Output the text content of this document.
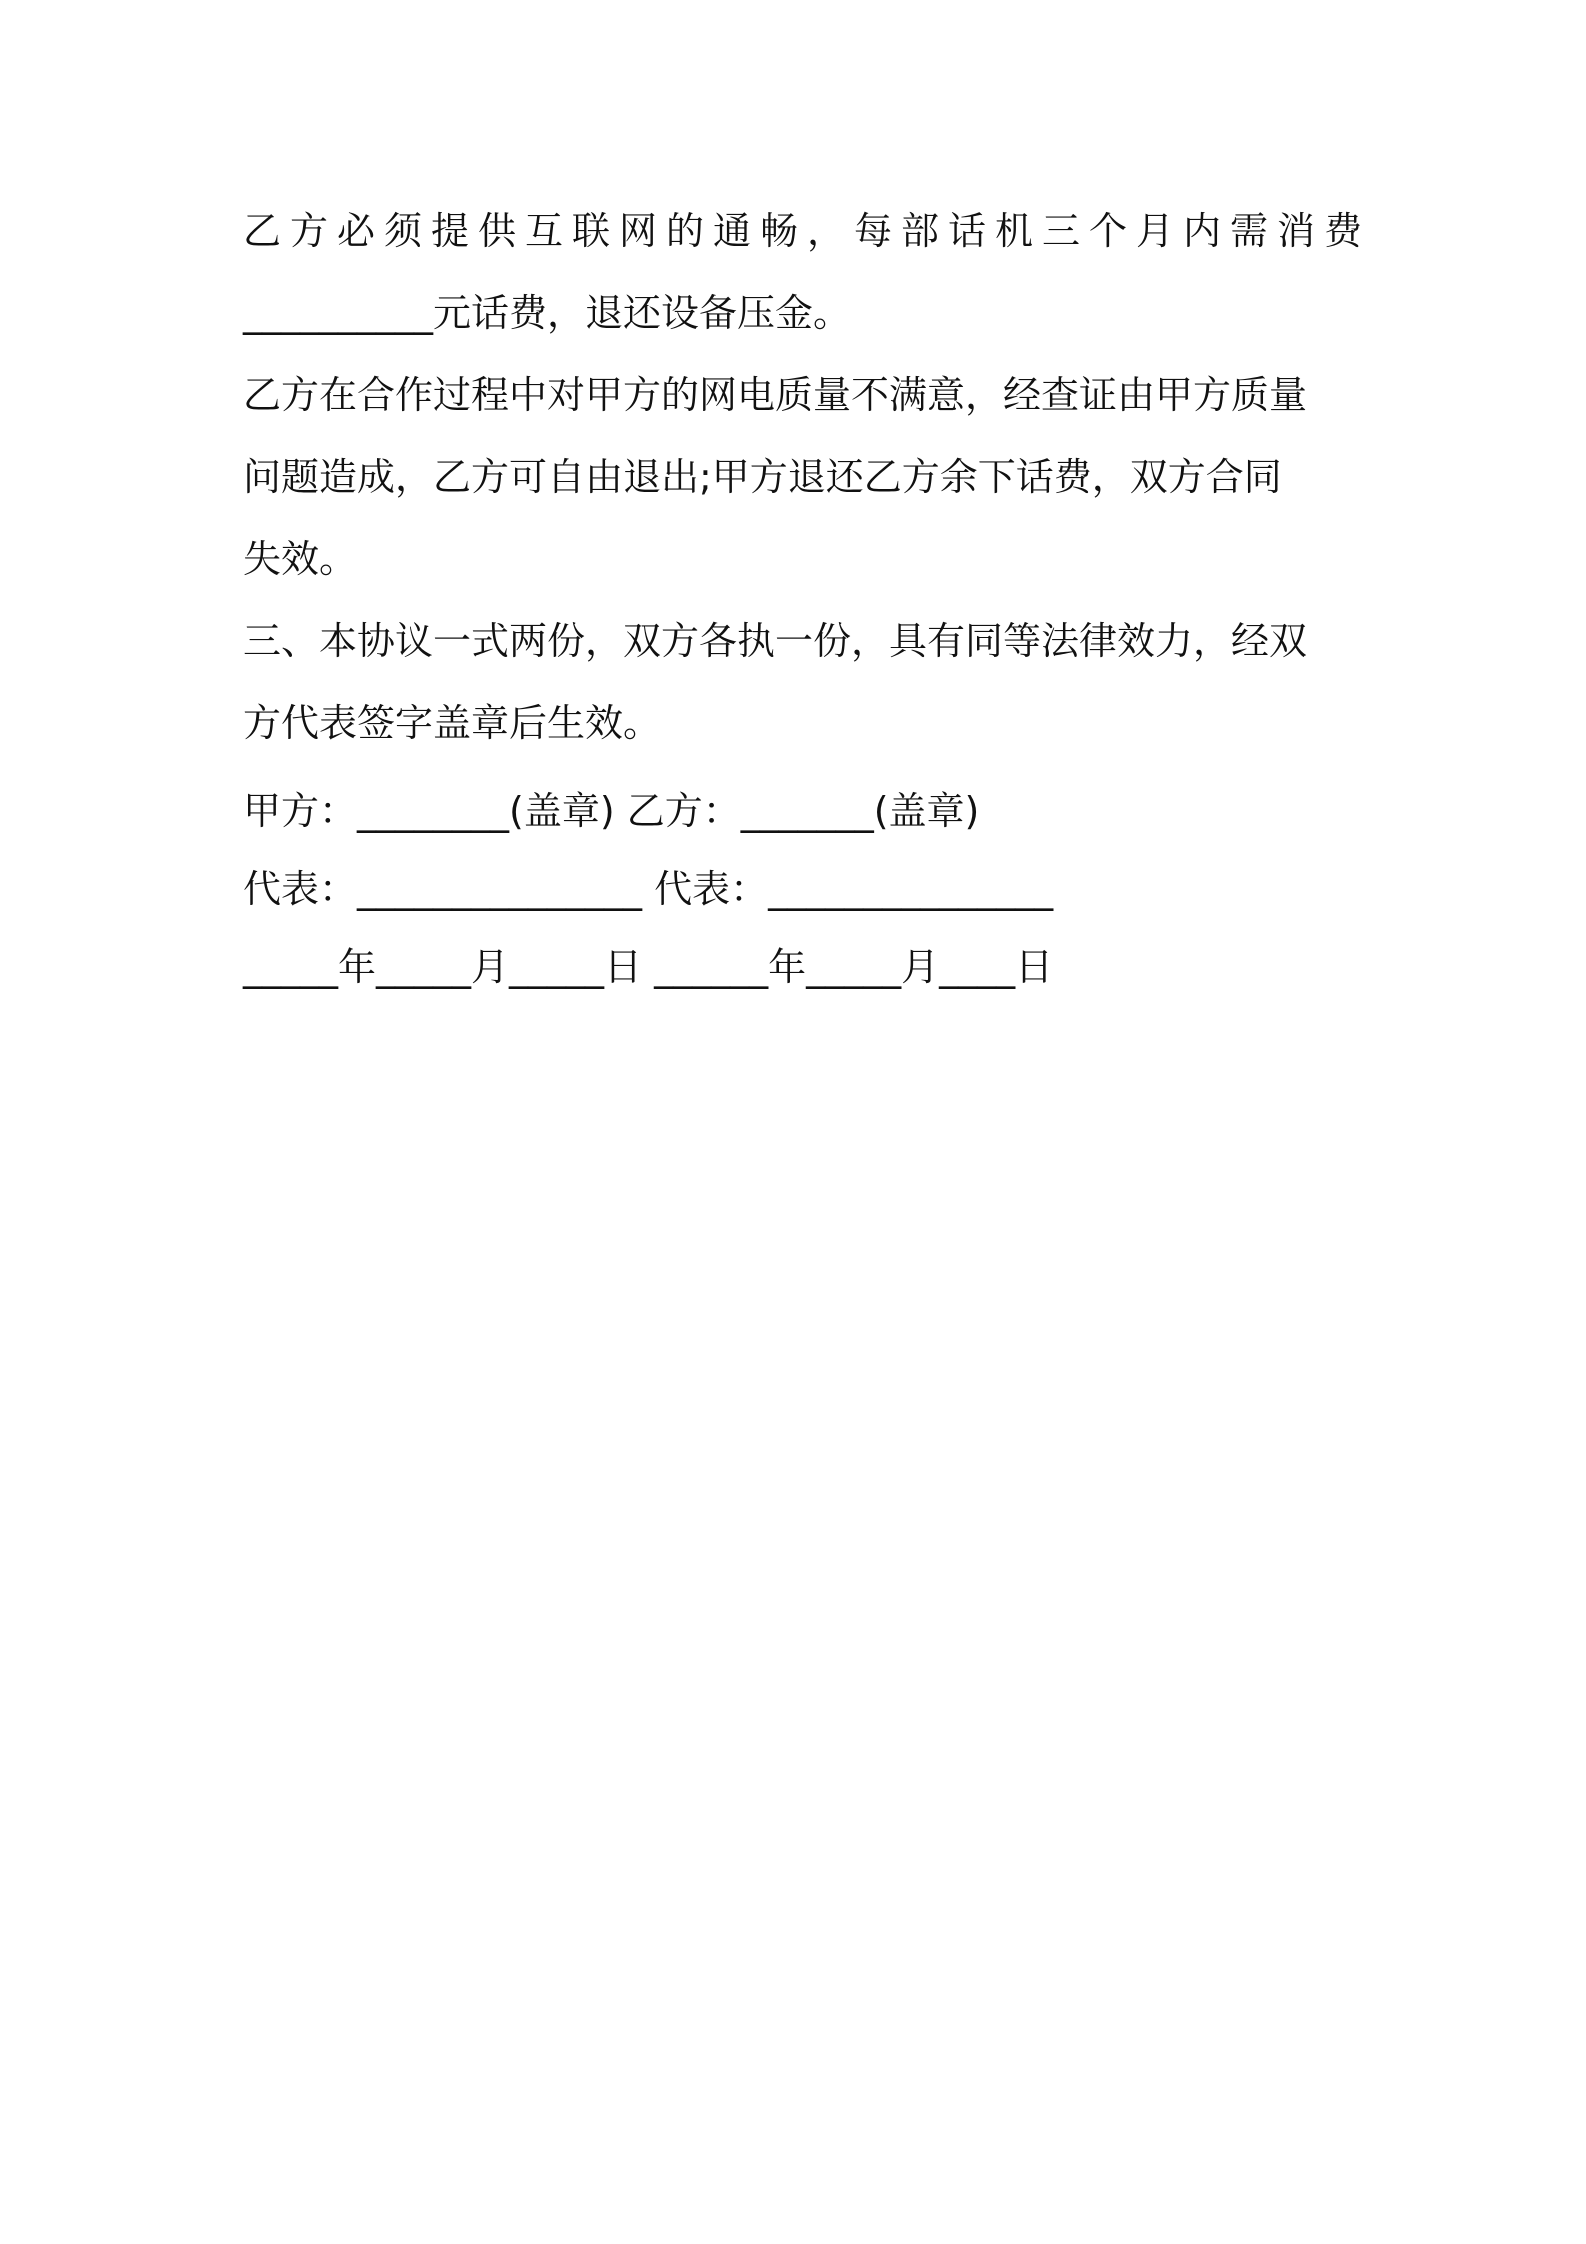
乙方必须提供互联网的通畅，每部话机三个月内需消费

__________元话费，退还设备压金。

乙方在合作过程中对甲方的网电质量不满意，经查证由甲方质量

问题造成，乙方可自由退出;甲方退还乙方余下话费，双方合同

失效。

三、本协议一式两份，双方各执一份，具有同等法律效力，经双

方代表签字盖章后生效。

甲方：________(盖章) 乙方：_______(盖章)

代表：_______________ 代表：_______________

_____年_____月_____日 ______年_____月____日
